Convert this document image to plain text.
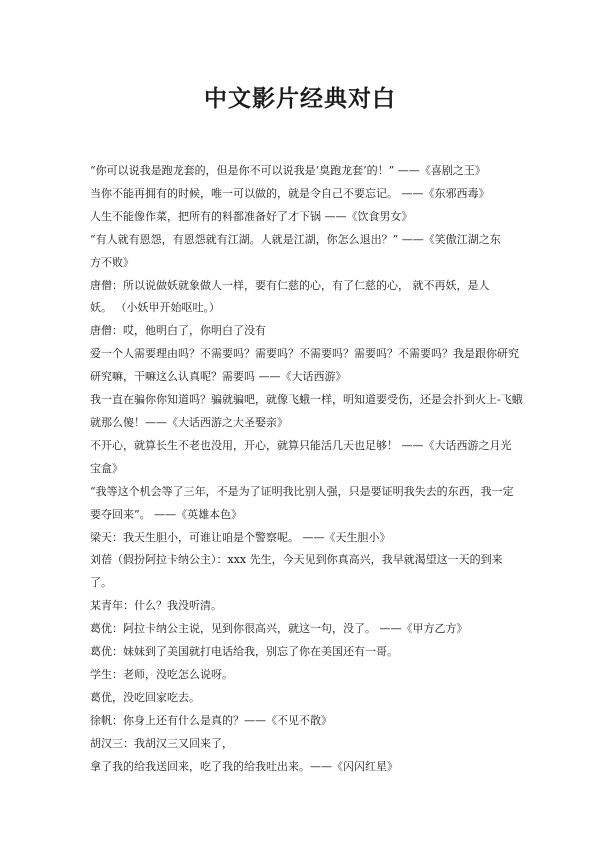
中文影片经典对白

“你可以说我是跑龙套的，但是你不可以说我是‘臭跑龙套’的！” ——《喜剧之王》

当你不能再拥有的时候，唯一可以做的，就是令自己不要忘记。 ——《东邪西毒》

人生不能像作菜，把所有的料都准备好了才下锅 ——《饮食男女》

“有人就有恩怨，有恩怨就有江湖。人就是江湖，你怎么退出？” ——《笑傲江湖之东

方不败》

唐僧：所以说做妖就象做人一样，要有仁慈的心，有了仁慈的心， 就不再妖，是人

妖。 （小妖甲开始呕吐。）

唐僧：哎，他明白了，你明白了没有

爱一个人需要理由吗？不需要吗？需要吗？不需要吗？需要吗？不需要吗？我是跟你研究

研究嘛，干嘛这么认真呢？需要吗 ——《大话西游》

我一直在骗你你知道吗？骗就骗吧，就像飞蛾一样，明知道要受伤，还是会扑到火上-飞蛾

就那么傻！——《大话西游之大圣娶亲》

不开心，就算长生不老也没用，开心，就算只能活几天也足够！ ——《大话西游之月光

宝盒》

“我等这个机会等了三年，不是为了证明我比别人强，只是要证明我失去的东西，我一定

要夺回来”。 ——《英雄本色》

梁天：我天生胆小，可谁让咱是个警察呢。 ——《天生胆小》

刘蓓（假扮阿拉卡纳公主）：xxx 先生，今天见到你真高兴，我早就渴望这一天的到来

了。

某青年：什么？我没听清。

葛优：阿拉卡纳公主说，见到你很高兴，就这一句，没了。 ——《甲方乙方》

葛优：妹妹到了美国就打电话给我，别忘了你在美国还有一哥。

学生：老师，没吃怎么说呀。

葛优，没吃回家吃去。

徐帆：你身上还有什么是真的？——《不见不散》

胡汉三：我胡汉三又回来了，

拿了我的给我送回来，吃了我的给我吐出来。——《闪闪红星》
